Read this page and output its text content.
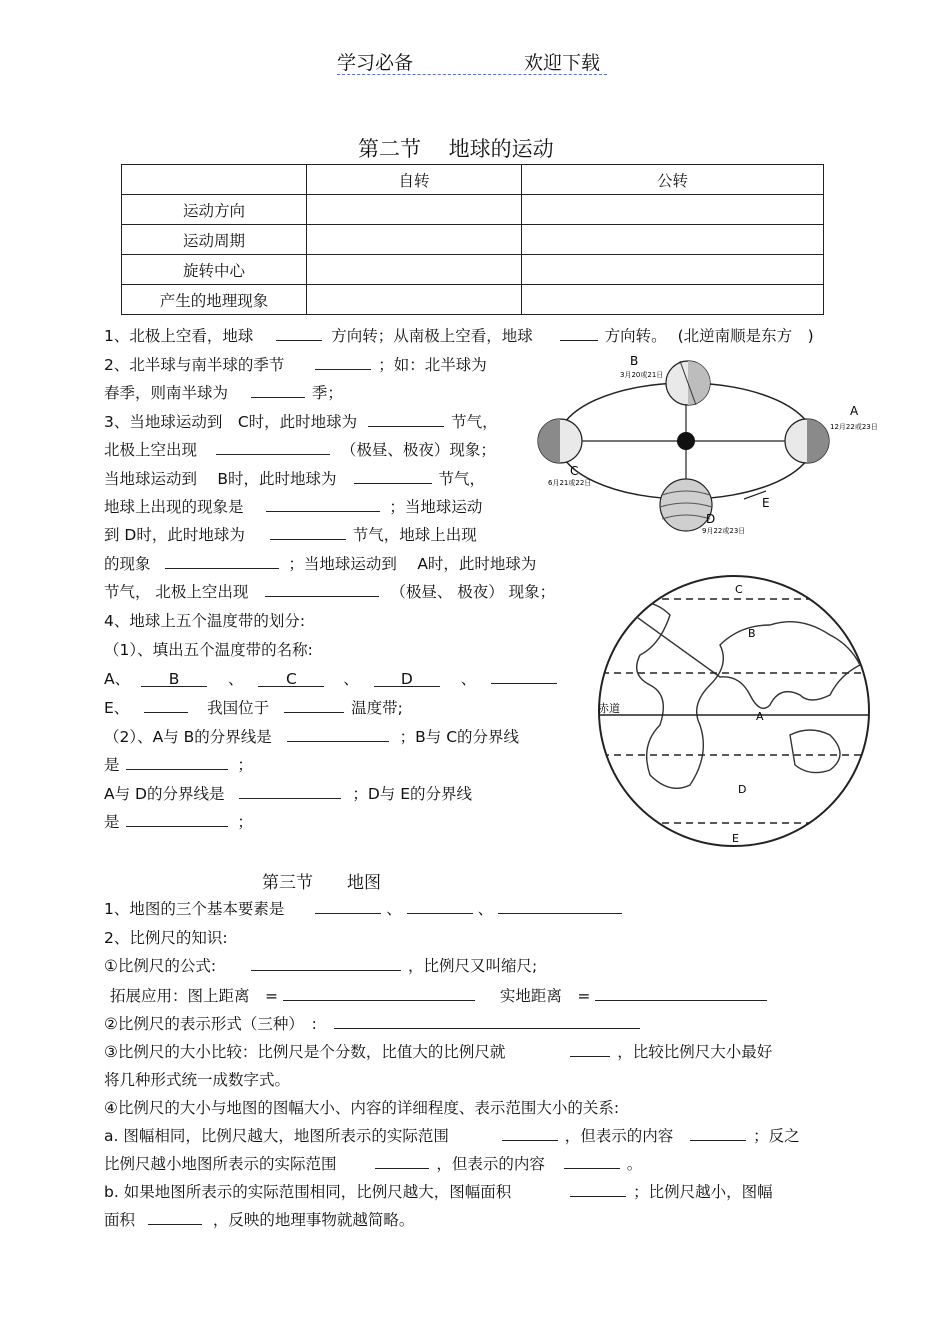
学习必备	欢迎下载
第二节　 地球的运动
	自转	公转
运动方向		
运动周期		
旋转中心		
产生的地理现象		
1、北极上空看，地球	方向转；从南极上空看，地球	方向转。 (北逆南顺是东方　)
2、北半球与南半球的季节	；如：北半球为
春季，则南半球为	季；
3、当地球运动到　C时，此时地球为	节气，
北极上空出现	（极昼、极夜）现象；
当地球运动到　 B时，此时地球为	节气，
地球上出现的现象是	；当地球运动
到 D时，此时地球为	节气，地球上出现
的现象	；当地球运动到　 A时，此时地球为
节气， 北极上空出现	（极昼、 极夜） 现象；
4、地球上五个温度带的划分:
（1）、填出五个温度带的名称:
A、 B	、	C	、	D	、
E、	我国位于	温度带;
（2）、A与 B的分界线是	；B与 C的分界线
是	；
A与 D的分界线是	；D与 E的分界线
是	；
B
3月20或21日
A
12月22或23日
C
6月21或22日
D
9月22或23日
E
C
B
A
D
E
赤道
第三节　　地图
1、地图的三个基本要素是	、	、
2、比例尺的知识:
①比例尺的公式:	，比例尺又叫缩尺;
拓展应用：图上距离　=	实地距离　=
②比例尺的表示形式（三种）　:
③比例尺的大小比较：比例尺是个分数，比值大的比例尺就	，比较比例尺大小最好
将几种形式统一成数字式。
④比例尺的大小与地图的图幅大小、内容的详细程度、表示范围大小的关系:
a. 图幅相同，比例尺越大，地图所表示的实际范围	，但表示的内容	；反之
比例尺越小地图所表示的实际范围	，但表示的内容	。
b. 如果地图所表示的实际范围相同，比例尺越大，图幅面积	；比例尺越小，图幅
面积	，反映的地理事物就越简略。
